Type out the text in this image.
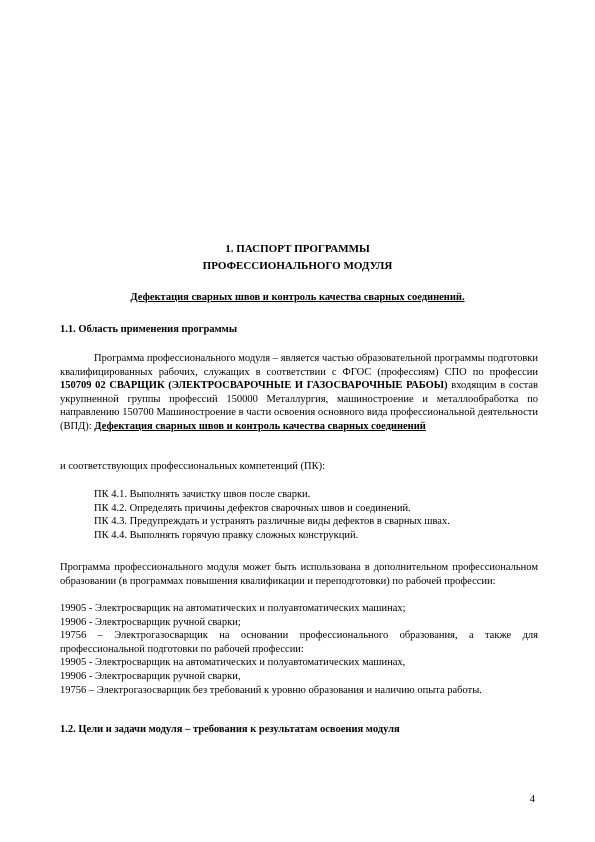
1. ПАСПОРТ ПРОГРАММЫ
ПРОФЕССИОНАЛЬНОГО МОДУЛЯ
Дефектация сварных швов и контроль качества сварных соединений.
1.1. Область применения программы

Программа профессионального модуля – является частью образовательной программы подготовки квалифицированных рабочих, служащих в соответствии с ФГОС (профессиям) СПО по профессии 150709 02 СВАРЩИК (ЭЛЕКТРОСВАРОЧНЫЕ И ГАЗОСВАРОЧНЫЕ РАБОЫ) входящим в состав укрупненной группы профессий 150000 Металлургия, машиностроение и металлообработка по направлению 150700 Машиностроение в части освоения основного вида профессиональной деятельности (ВПД): Дефектация сварных швов и контроль качества сварных соединений

и соответствующих профессиональных компетенций (ПК):
ПК 4.1. Выполнять зачистку швов после сварки.
ПК 4.2. Определять причины дефектов сварочных швов и соединений.
ПК 4.3. Предупреждать и устранять различные виды дефектов в сварных швах.
ПК 4.4. Выполнять горячую правку сложных конструкций.

Программа профессионального модуля может быть использована в дополнительном профессиональном образовании (в программах повышения квалификации и переподготовки) по рабочей профессии:

19905 - Электросварщик на автоматических и полуавтоматических машинах;
19906 - Электросварщик ручной сварки;
19756 – Электрогазосварщик на основании профессионального образования, а также для профессиональной подготовки по рабочей профессии:
19905 - Электросварщик на автоматических и полуавтоматических машинах,
19906 - Электросварщик ручной сварки,
19756 – Электрогазосварщик без требований к уровню образования и наличию опыта работы.
1.2. Цели и задачи модуля – требования к результатам освоения модуля
4
